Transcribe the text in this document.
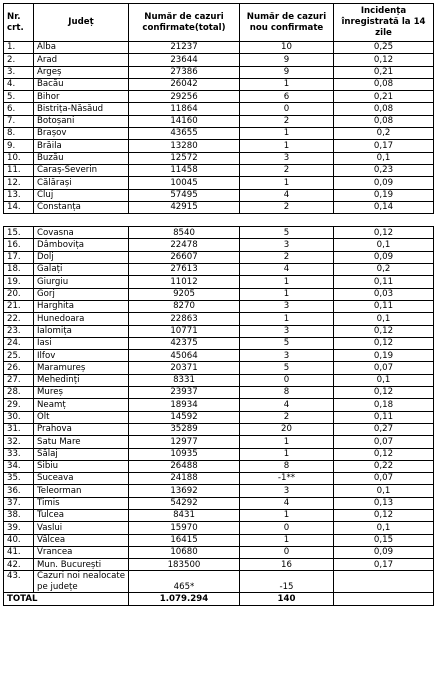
Nr. crt.	Județ	Număr de cazuri confirmate(total)	Număr de cazuri nou confirmate	Incidența înregistrată la 14 zile
1.	Alba	21237	10	0,25
2.	Arad	23644	9	0,12
3.	Argeș	27386	9	0,21
4.	Bacău	26042	1	0,08
5.	Bihor	29256	6	0,21
6.	Bistrița-Năsăud	11864	0	0,08
7.	Botoșani	14160	2	0,08
8.	Brașov	43655	1	0,2
9.	Brăila	13280	1	0,17
10.	Buzău	12572	3	0,1
11.	Caraș-Severin	11458	2	0,23
12.	Călărași	10045	1	0,09
13.	Cluj	57495	4	0,19
14.	Constanța	42915	2	0,14
15.	Covasna	8540	5	0,12
16.	Dâmbovița	22478	3	0,1
17.	Dolj	26607	2	0,09
18.	Galați	27613	4	0,2
19.	Giurgiu	11012	1	0,11
20.	Gorj	9205	1	0,03
21.	Harghita	8270	3	0,11
22.	Hunedoara	22863	1	0,1
23.	Ialomița	10771	3	0,12
24.	Iasi	42375	5	0,12
25.	Ilfov	45064	3	0,19
26.	Maramureș	20371	5	0,07
27.	Mehedinți	8331	0	0,1
28.	Mureș	23937	8	0,12
29.	Neamț	18934	4	0,18
30.	Olt	14592	2	0,11
31.	Prahova	35289	20	0,27
32.	Satu Mare	12977	1	0,07
33.	Sălaj	10935	1	0,12
34.	Sibiu	26488	8	0,22
35.	Suceava	24188	-1**	0,07
36.	Teleorman	13692	3	0,1
37.	Timis	54292	4	0,13
38.	Tulcea	8431	1	0,12
39.	Vaslui	15970	0	0,1
40.	Vâlcea	16415	1	0,15
41.	Vrancea	10680	0	0,09
42.	Mun. București	183500	16	0,17
43.	Cazuri noi nealocate pe județe	465*	-15	
TOTAL		1.079.294	140	
